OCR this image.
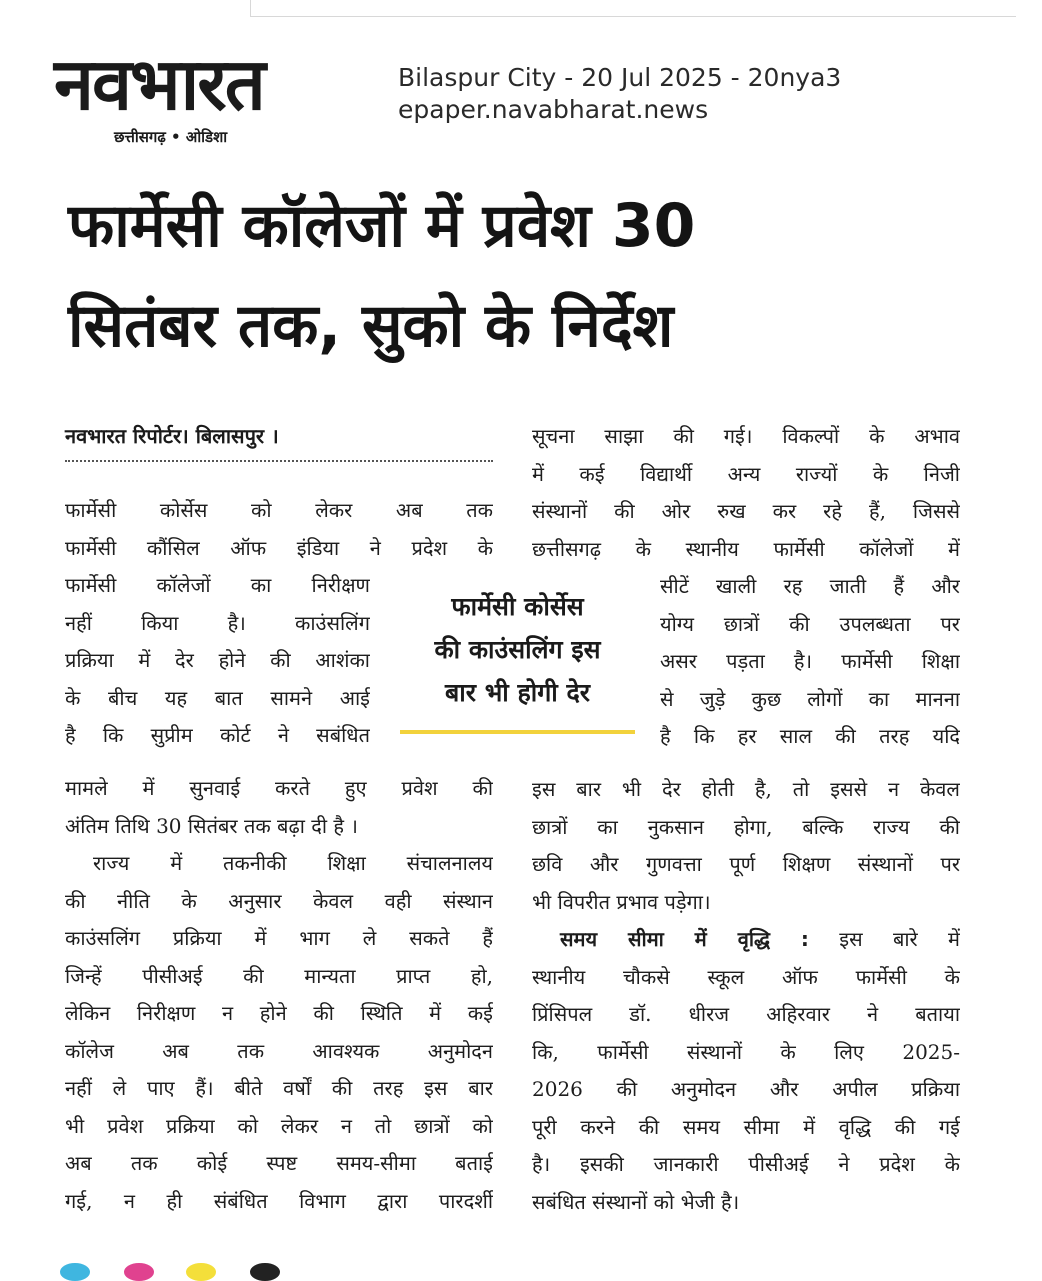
नवभारत
छत्तीसगढ़ • ओडिशा
Bilaspur City - 20 Jul 2025 - 20nya3
epaper.navabharat.news
फार्मेसी कॉलेजों में प्रवेश 30
सितंबर तक, सुको के निर्देश
नवभारत रिपोर्टर। बिलासपुर ।

फार्मेसी कोर्सेस को लेकर अब तक

फार्मेसी कौंसिल ऑफ इंडिया ने प्रदेश के

फार्मेसी कॉलेजों का निरीक्षण

नहीं किया है। काउंसलिंग

प्रक्रिया में देर होने की आशंका

के बीच यह बात सामने आई

है कि सुप्रीम कोर्ट ने सबंधित

मामले में सुनवाई करते हुए प्रवेश की

अंतिम तिथि 30 सितंबर तक बढ़ा दी है ।

राज्य में तकनीकी शिक्षा संचालनालय

की नीति के अनुसार केवल वही संस्थान

काउंसलिंग प्रक्रिया में भाग ले सकते हैं

जिन्हें पीसीअई की मान्यता प्राप्त हो,

लेकिन निरीक्षण न होने की स्थिति में कई

कॉलेज अब तक आवश्यक अनुमोदन

नहीं ले पाए हैं। बीते वर्षों की तरह इस बार

भी प्रवेश प्रक्रिया को लेकर न तो छात्रों को

अब तक कोई स्पष्ट समय-सीमा बताई

गई, न ही संबंधित विभाग द्वारा पारदर्शी

फार्मेसी कोर्सेस
की काउंसलिंग इस
बार भी होगी देर

सूचना साझा की गई। विकल्पों के अभाव

में कई विद्यार्थी अन्य राज्यों के निजी

संस्थानों की ओर रुख कर रहे हैं, जिससे

छत्तीसगढ़ के स्थानीय फार्मेसी कॉलेजों में

सीटें खाली रह जाती हैं और

योग्य छात्रों की उपलब्धता पर

असर पड़ता है। फार्मेसी शिक्षा

से जुड़े कुछ लोगों का मानना

है कि हर साल की तरह यदि

इस बार भी देर होती है, तो इससे न केवल

छात्रों का नुकसान होगा, बल्कि राज्य की

छवि और गुणवत्ता पूर्ण शिक्षण संस्थानों पर

भी विपरीत प्रभाव पड़ेगा।

समय सीमा में वृद्धि : इस बारे में

स्थानीय चौकसे स्कूल ऑफ फार्मेसी के

प्रिंसिपल डॉ. धीरज अहिरवार ने बताया

कि, फार्मेसी संस्थानों के लिए 2025-

2026 की अनुमोदन और अपील प्रक्रिया

पूरी करने की समय सीमा में वृद्धि की गई

है। इसकी जानकारी पीसीअई ने प्रदेश के

सबंधित संस्थानों को भेजी है।
